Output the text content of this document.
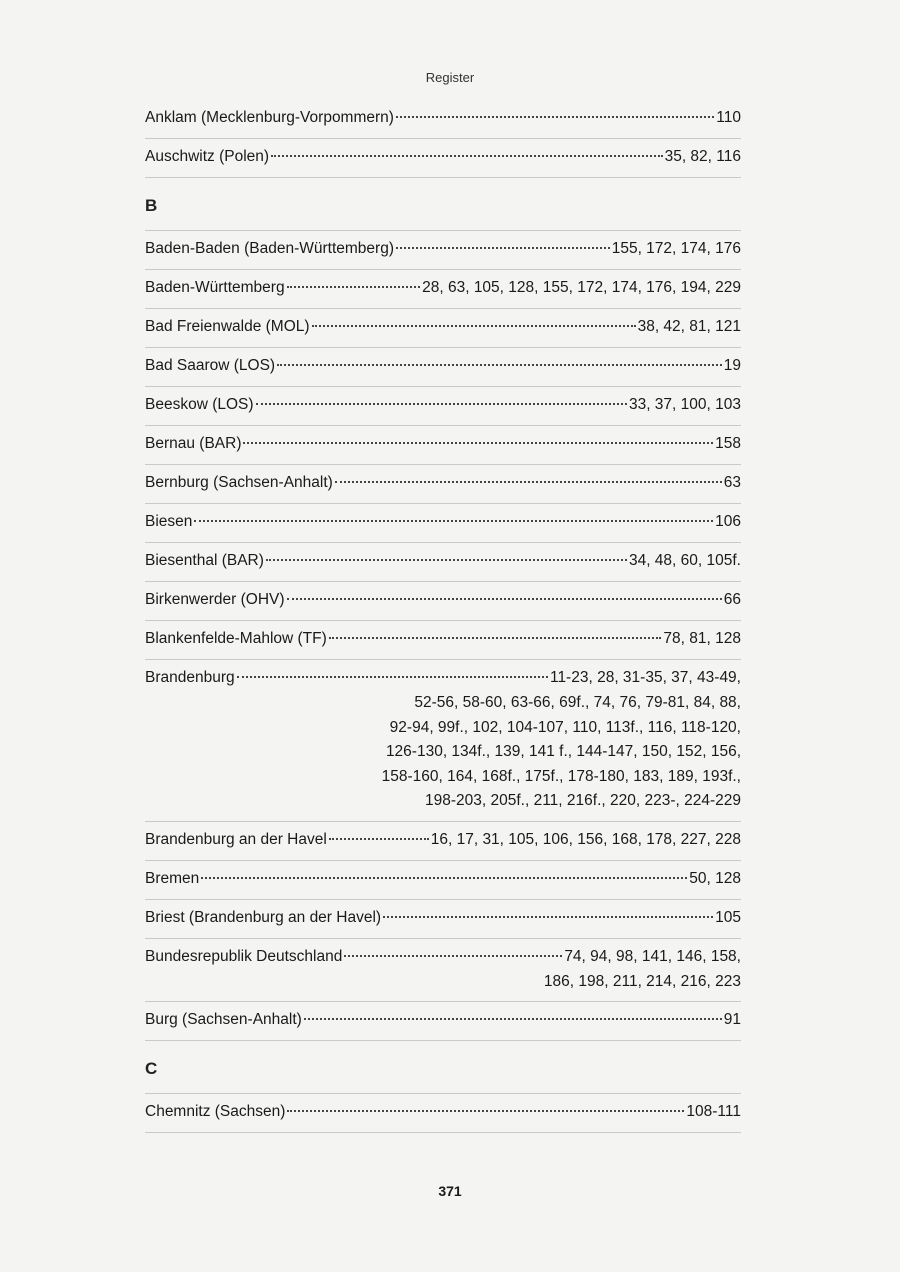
Register
Anklam (Mecklenburg-Vorpommern)	110
Auschwitz (Polen)	35, 82, 116
B
Baden-Baden (Baden-Württemberg)	155, 172, 174, 176
Baden-Württemberg	28, 63, 105, 128, 155, 172, 174, 176, 194, 229
Bad Freienwalde (MOL)	38, 42, 81, 121
Bad Saarow (LOS)	19
Beeskow (LOS)	33, 37, 100, 103
Bernau (BAR)	158
Bernburg (Sachsen-Anhalt)	63
Biesen	106
Biesenthal (BAR)	34, 48, 60, 105f.
Birkenwerder (OHV)	66
Blankenfelde-Mahlow (TF)	78, 81, 128
Brandenburg	11-23, 28, 31-35, 37, 43-49,
52-56, 58-60, 63-66, 69f., 74, 76, 79-81, 84, 88,
92-94, 99f., 102, 104-107, 110, 113f., 116, 118-120,
126-130, 134f., 139, 141 f., 144-147, 150, 152, 156,
158-160, 164, 168f., 175f., 178-180, 183, 189, 193f.,
198-203, 205f., 211, 216f., 220, 223-, 224-229
Brandenburg an der Havel	16, 17, 31, 105, 106, 156, 168, 178, 227, 228
Bremen	50, 128
Briest (Brandenburg an der Havel)	105
Bundesrepublik Deutschland	74, 94, 98, 141, 146, 158,
186, 198, 211, 214, 216, 223
Burg (Sachsen-Anhalt)	91
C
Chemnitz (Sachsen)	108-111
371
